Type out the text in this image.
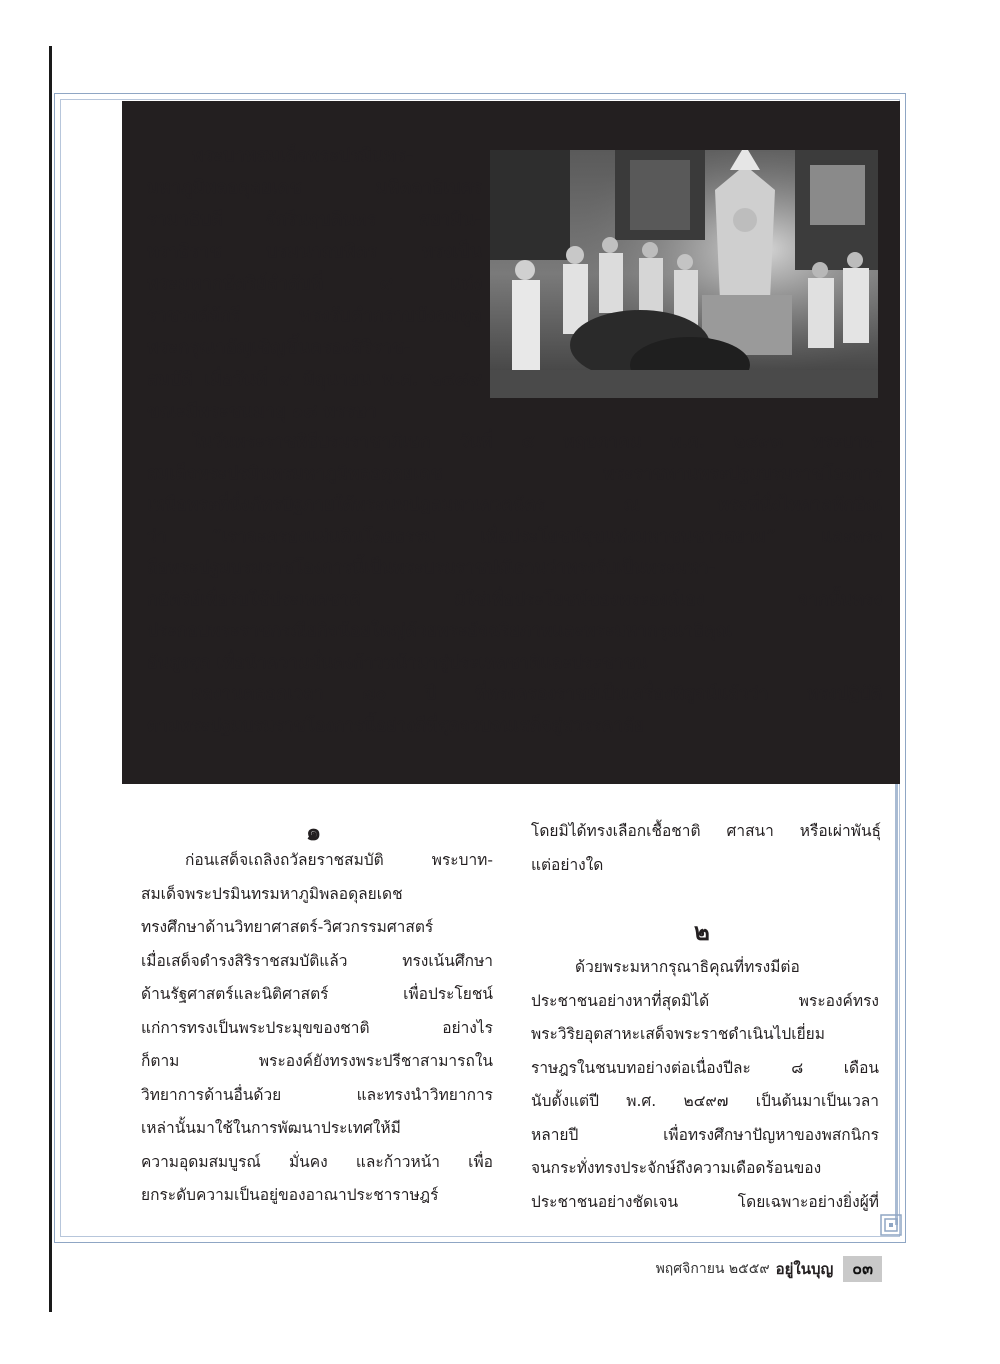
พระบาทสมเด็จพระปรมินทร-
มหาภูมิพลอดุลยเดช มหิตลาธิเบศร
รามาธิบดี จักรีนฤบดินทร สยามิน-
ทราธิราช บรมนาถบพิตร ทรงเป็น
พระมหากษัตริย์ลำดับที่ ๙ แห่ง
ราชวงศ์จักรี ทรงรับคำกราบบังคมทูล
พระกรุณาอัญเชิญขึ้นครองสิริราช-
สมบัติ เมื่อวันที่ ๙ มิถุนายน พ.ศ. ๒๔๘๙
ขณะมีพระชนมายุ ๑๘ พรรษา
ในวันพระราชพิธีบรมราชาภิเษก วันที่ ๕ พฤษภาคม พ.ศ. ๒๔๙๓ พระบาท-
สมเด็จพระปรมินทรมหาภูมิพลอดุลยเดช พระราชทานพระปฐมบรมราชโองการ
เหนือพระที่นั่งภัทรบิฐภายใต้พระนพปฎลมหาเศวตฉัตร ณ พระที่นั่งไพศาลทักษิณ
ว่า “เราจะครองแผ่นดินโดยธรรม เพื่อประโยชน์สุขแห่งมหาชนชาวสยาม” และทรง
ถือพระปฐมบรมราชโองการนี้เป็นพระบรมราชปณิธานว่าทรงรับเป็นพระมหา-
กษัตริย์เพื่อรับใช้ประเทศชาติ มิใช่เพื่อประโยชน์ของพระองค์เอง จากนั้นทรง
ประกอบพระราชกรณียกิจน้อยใหญ่ด้วยพระอัจฉริยภาพและพระมหากรุณาธิคุณ
อันสูงสุด เพื่อนำความมั่นคงก้าวหน้ามาสู่ประเทศชาติและประชาชน
ผลงานตลอดเวลา ๗๐ ปี ที่ทรงครองราชย์เป็นเครื่องพิสูจน์แล้วว่า ทรงปฏิบัติ
ตามพระปฐมบรมราชโองการนี้อย่างดีที่สุดจวบจนเสด็จสู่สวรรคาลัย
๑
ก่อนเสด็จเถลิงถวัลยราชสมบัติ พระบาท-
สมเด็จพระปรมินทรมหาภูมิพลอดุลยเดช
ทรงศึกษาด้านวิทยาศาสตร์-วิศวกรรมศาสตร์
เมื่อเสด็จดำรงสิริราชสมบัติแล้ว ทรงเน้นศึกษา
ด้านรัฐศาสตร์และนิติศาสตร์ เพื่อประโยชน์
แก่การทรงเป็นพระประมุขของชาติ อย่างไร
ก็ตาม พระองค์ยังทรงพระปรีชาสามารถใน
วิทยาการด้านอื่นด้วย และทรงนำวิทยาการ
เหล่านั้นมาใช้ในการพัฒนาประเทศให้มี
ความอุดมสมบูรณ์ มั่นคง และก้าวหน้า เพื่อ
ยกระดับความเป็นอยู่ของอาณาประชาราษฎร์
โดยมิได้ทรงเลือกเชื้อชาติ ศาสนา หรือเผ่าพันธุ์
แต่อย่างใด
๒
ด้วยพระมหากรุณาธิคุณที่ทรงมีต่อ
ประชาชนอย่างหาที่สุดมิได้ พระองค์ทรง
พระวิริยอุตสาหะเสด็จพระราชดำเนินไปเยี่ยม
ราษฎรในชนบทอย่างต่อเนื่องปีละ ๘ เดือน
นับตั้งแต่ปี พ.ศ. ๒๔๙๗ เป็นต้นมาเป็นเวลา
หลายปี เพื่อทรงศึกษาปัญหาของพสกนิกร
จนกระทั่งทรงประจักษ์ถึงความเดือดร้อนของ
ประชาชนอย่างชัดเจน โดยเฉพาะอย่างยิ่งผู้ที่
พฤศจิกายน ๒๕๕๙ อยู่ในบุญ	๐๓
